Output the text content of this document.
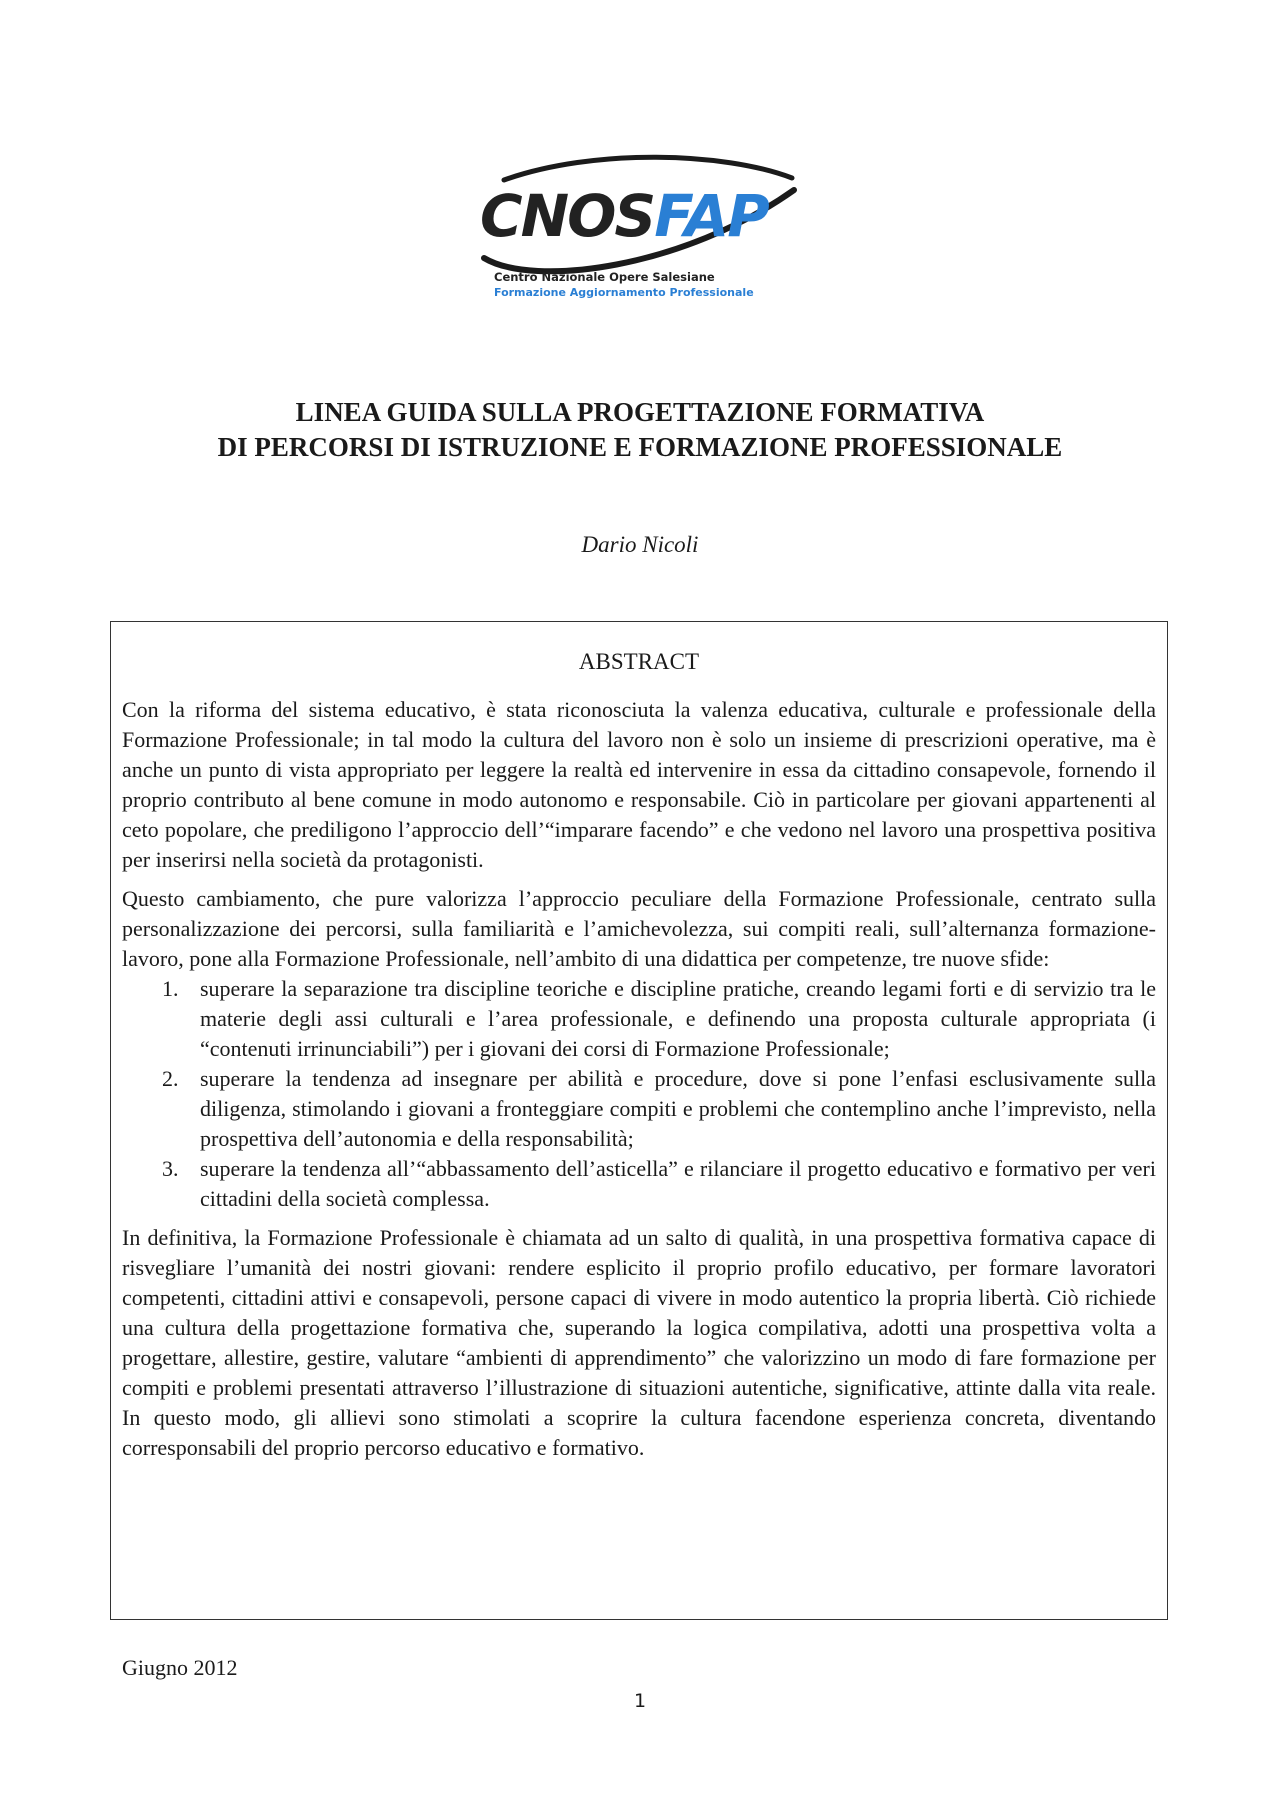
CNOSFAP
Centro Nazionale Opere Salesiane
Formazione Aggiornamento Professionale
LINEA GUIDA SULLA PROGETTAZIONE FORMATIVA
DI PERCORSI DI ISTRUZIONE E FORMAZIONE PROFESSIONALE
Dario Nicoli
ABSTRACT

Con la riforma del sistema educativo, è stata riconosciuta la valenza educativa, culturale e professionale della Formazione Professionale; in tal modo la cultura del lavoro non è solo un insieme di prescrizioni operative, ma è anche un punto di vista appropriato per leggere la realtà ed intervenire in essa da cittadino consapevole, fornendo il proprio contributo al bene comune in modo autonomo e responsabile. Ciò in particolare per giovani appartenenti al ceto popolare, che prediligono l’approccio dell’“imparare facendo” e che vedono nel lavoro una prospettiva positiva per inserirsi nella società da protagonisti.

Questo cambiamento, che pure valorizza l’approccio peculiare della Formazione Professionale, centrato sulla personalizzazione dei percorsi, sulla familiarità e l’amichevolezza, sui compiti reali, sull’alternanza formazione-lavoro, pone alla Formazione Professionale, nell’ambito di una didattica per competenze, tre nuove sfide:

1. superare la separazione tra discipline teoriche e discipline pratiche, creando legami forti e di servizio tra le materie degli assi culturali e l’area professionale, e definendo una proposta culturale appropriata (i “contenuti irrinunciabili”) per i giovani dei corsi di Formazione Professionale;
2. superare la tendenza ad insegnare per abilità e procedure, dove si pone l’enfasi esclusivamente sulla diligenza, stimolando i giovani a fronteggiare compiti e problemi che contemplino anche l’imprevisto, nella prospettiva dell’autonomia e della responsabilità;
3. superare la tendenza all’“abbassamento dell’asticella” e rilanciare il progetto educativo e formativo per veri cittadini della società complessa.

In definitiva, la Formazione Professionale è chiamata ad un salto di qualità, in una prospettiva formativa capace di risvegliare l’umanità dei nostri giovani: rendere esplicito il proprio profilo educativo, per formare lavoratori competenti, cittadini attivi e consapevoli, persone capaci di vivere in modo autentico la propria libertà. Ciò richiede una cultura della progettazione formativa che, superando la logica compilativa, adotti una prospettiva volta a progettare, allestire, gestire, valutare “ambienti di apprendimento” che valorizzino un modo di fare formazione per compiti e problemi presentati attraverso l’illustrazione di situazioni autentiche, significative, attinte dalla vita reale. In questo modo, gli allievi sono stimolati a scoprire la cultura facendone esperienza concreta, diventando corresponsabili del proprio percorso educativo e formativo.

Giugno 2012
1
